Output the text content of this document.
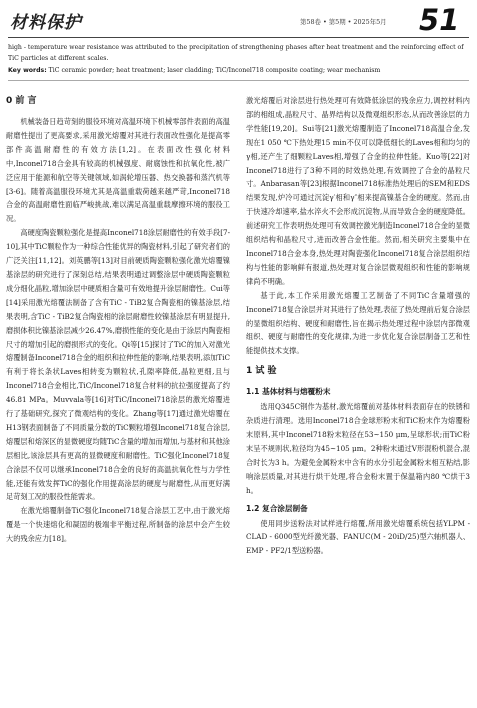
材料保护	第58卷 • 第5期 • 2025年5月 51
high - temperature wear resistance was attributed to the precipitation of strengthening phases after heat treatment and the reinforcing effect of TiC particles at different scales.
Key words: TiC ceramic powder; heat treatment; laser cladding; TiC/Inconel718 composite coating; wear mechanism
0 前 言

机械装备日趋苛刻的服役环境对高温环境下机械零部件表面的高温耐磨性提出了更高要求,采用激光熔覆对其进行表面改性强化是提高零部件高温耐磨性的有效方法[1,2]。在表面改性强化材料中,Inconel718合金具有较高的机械强度、耐腐蚀性和抗氧化性,被广泛应用于能源和航空等关键领域,如涡轮增压器、热交换器和蒸汽机等[3-6]。随着高温服役环境尤其是高温重载荷越来越严苛,Inconel718合金的高温耐磨性面临严峻挑战,难以满足高温重载摩擦环境的服役工况。

高硬度陶瓷颗粒强化是提高Inconel718涂层耐磨性的有效手段[7-10],其中TiC颗粒作为一种综合性能优异的陶瓷材料,引起了研究者们的广泛关注[11,12]。刘英鹏等[13]对目前硬质陶瓷颗粒强化激光熔覆镍基涂层的研究进行了深刻总结,结果表明通过调整涂层中硬质陶瓷颗粒成分细化晶粒,增加涂层中硬质相含量可有效地提升涂层耐磨性。Cui等[14]采用激光熔覆法制备了含有TiC - TiB2复合陶瓷相的镍基涂层,结果表明,含TiC - TiB2复合陶瓷相的涂层耐磨性较镍基涂层有明显提升,磨损体积比镍基涂层减少26.47%,磨损性能的变化是由于涂层内陶瓷相尺寸的增加引起的磨损形式的变化。Qi等[15]探讨了TiC的加入对激光熔覆制备Inconel718合金的组织和拉伸性能的影响,结果表明,添加TiC有利于将长条状Laves相转变为颗粒状,孔隙率降低,晶粒更细,且与Inconel718合金相比,TiC/Inconel718复合材料的抗拉强度提高了约46.81 MPa。Muvvala等[16]对TiC/Inconel718涂层的激光熔覆进行了基础研究,探究了微观结构的变化。Zhang等[17]通过激光熔覆在H13钢表面制备了不同质量分数的TiC颗粒增强Inconel718复合涂层,熔覆层和熔深区的显微硬度均随TiC含量的增加而增加,与基材和其他涂层相比,该涂层具有更高的显微硬度和耐磨性。TiC强化Inconel718复合涂层不仅可以继承Inconel718合金的良好的高温抗氧化性与力学性能,还能有效发挥TiC的强化作用提高涂层的硬度与耐磨性,从而更好满足苛刻工况的服役性能需求。

在激光熔覆制备TiC强化Inconel718复合涂层工艺中,由于激光熔覆是一个快速熔化和凝固的极端非平衡过程,所制备的涂层中会产生较大的残余应力[18]。

激光熔覆后对涂层进行热处理可有效降低涂层的残余应力,调控材料内部的相组成,晶粒尺寸、晶界结构以及微观组织形态,从而改善涂层的力学性能[19,20]。Sui等[21]激光熔覆制造了Inconel718高温合金,发现在1 050 ℃下热处理15 min不仅可以降低细长的Laves相和均匀的γ相,还产生了细颗粒Laves相,增强了合金的拉伸性能。Kuo等[22]对Inconel718进行了3种不同的时效热处理,有效调控了合金的晶粒尺寸。Anbarasan等[23]根据Inconel718标准热处理后的SEM和EDS结果发现,炉冷可通过沉淀γ′相和γ″相来提高镍基合金的硬度。然而,由于快速冷却速率,盐水淬火不会形成沉淀物,从而导致合金的硬度降低。前述研究工作表明热处理可有效调控激光制造Inconel718合金的显微组织结构和晶粒尺寸,进而改善合金性能。然而,相关研究主要集中在Inconel718合金本身,热处理对陶瓷强化Inconel718复合涂层组织结构与性能的影响鲜有报道,热处理对复合涂层微观组织和性能的影响规律尚不明确。

基于此,本工作采用激光熔覆工艺制备了不同TiC含量增强的Inconel718复合涂层并对其进行了热处理,表征了热处理前后复合涂层的显微组织结构、硬度和耐磨性,旨在揭示热处理过程中涂层内部微观组织、硬度与耐磨性的变化规律,为进一步优化复合涂层制备工艺和性能提供技术支撑。

1 试 验
1.1 基体材料与熔覆粉末

选用Q345C钢作为基材,激光熔覆前对基体材料表面存在的铁锈和杂质进行清理。选用Inconel718合金球形粉末和TiC粉末作为熔覆粉末原料,其中Inconel718粉末粒径在53~150 μm,呈球形状;而TiC粉末呈不规则状,粒径均为45~105 μm。2种粉末通过V形混粉机混合,混合时长为3 h。为避免金属粉末中含有的水分引起金属粉末相互粘结,影响涂层质量,对其进行烘干处理,将合金粉末置于保温箱内80 ℃烘干3 h。

1.2 复合涂层制备

使用同步送粉法对试样进行熔覆,所用激光熔覆系统包括YLPM - CLAD - 6000型光纤激光器、FANUC(M - 20iD/25)型六轴机器人、EMP - PF2/1型送粉器。
